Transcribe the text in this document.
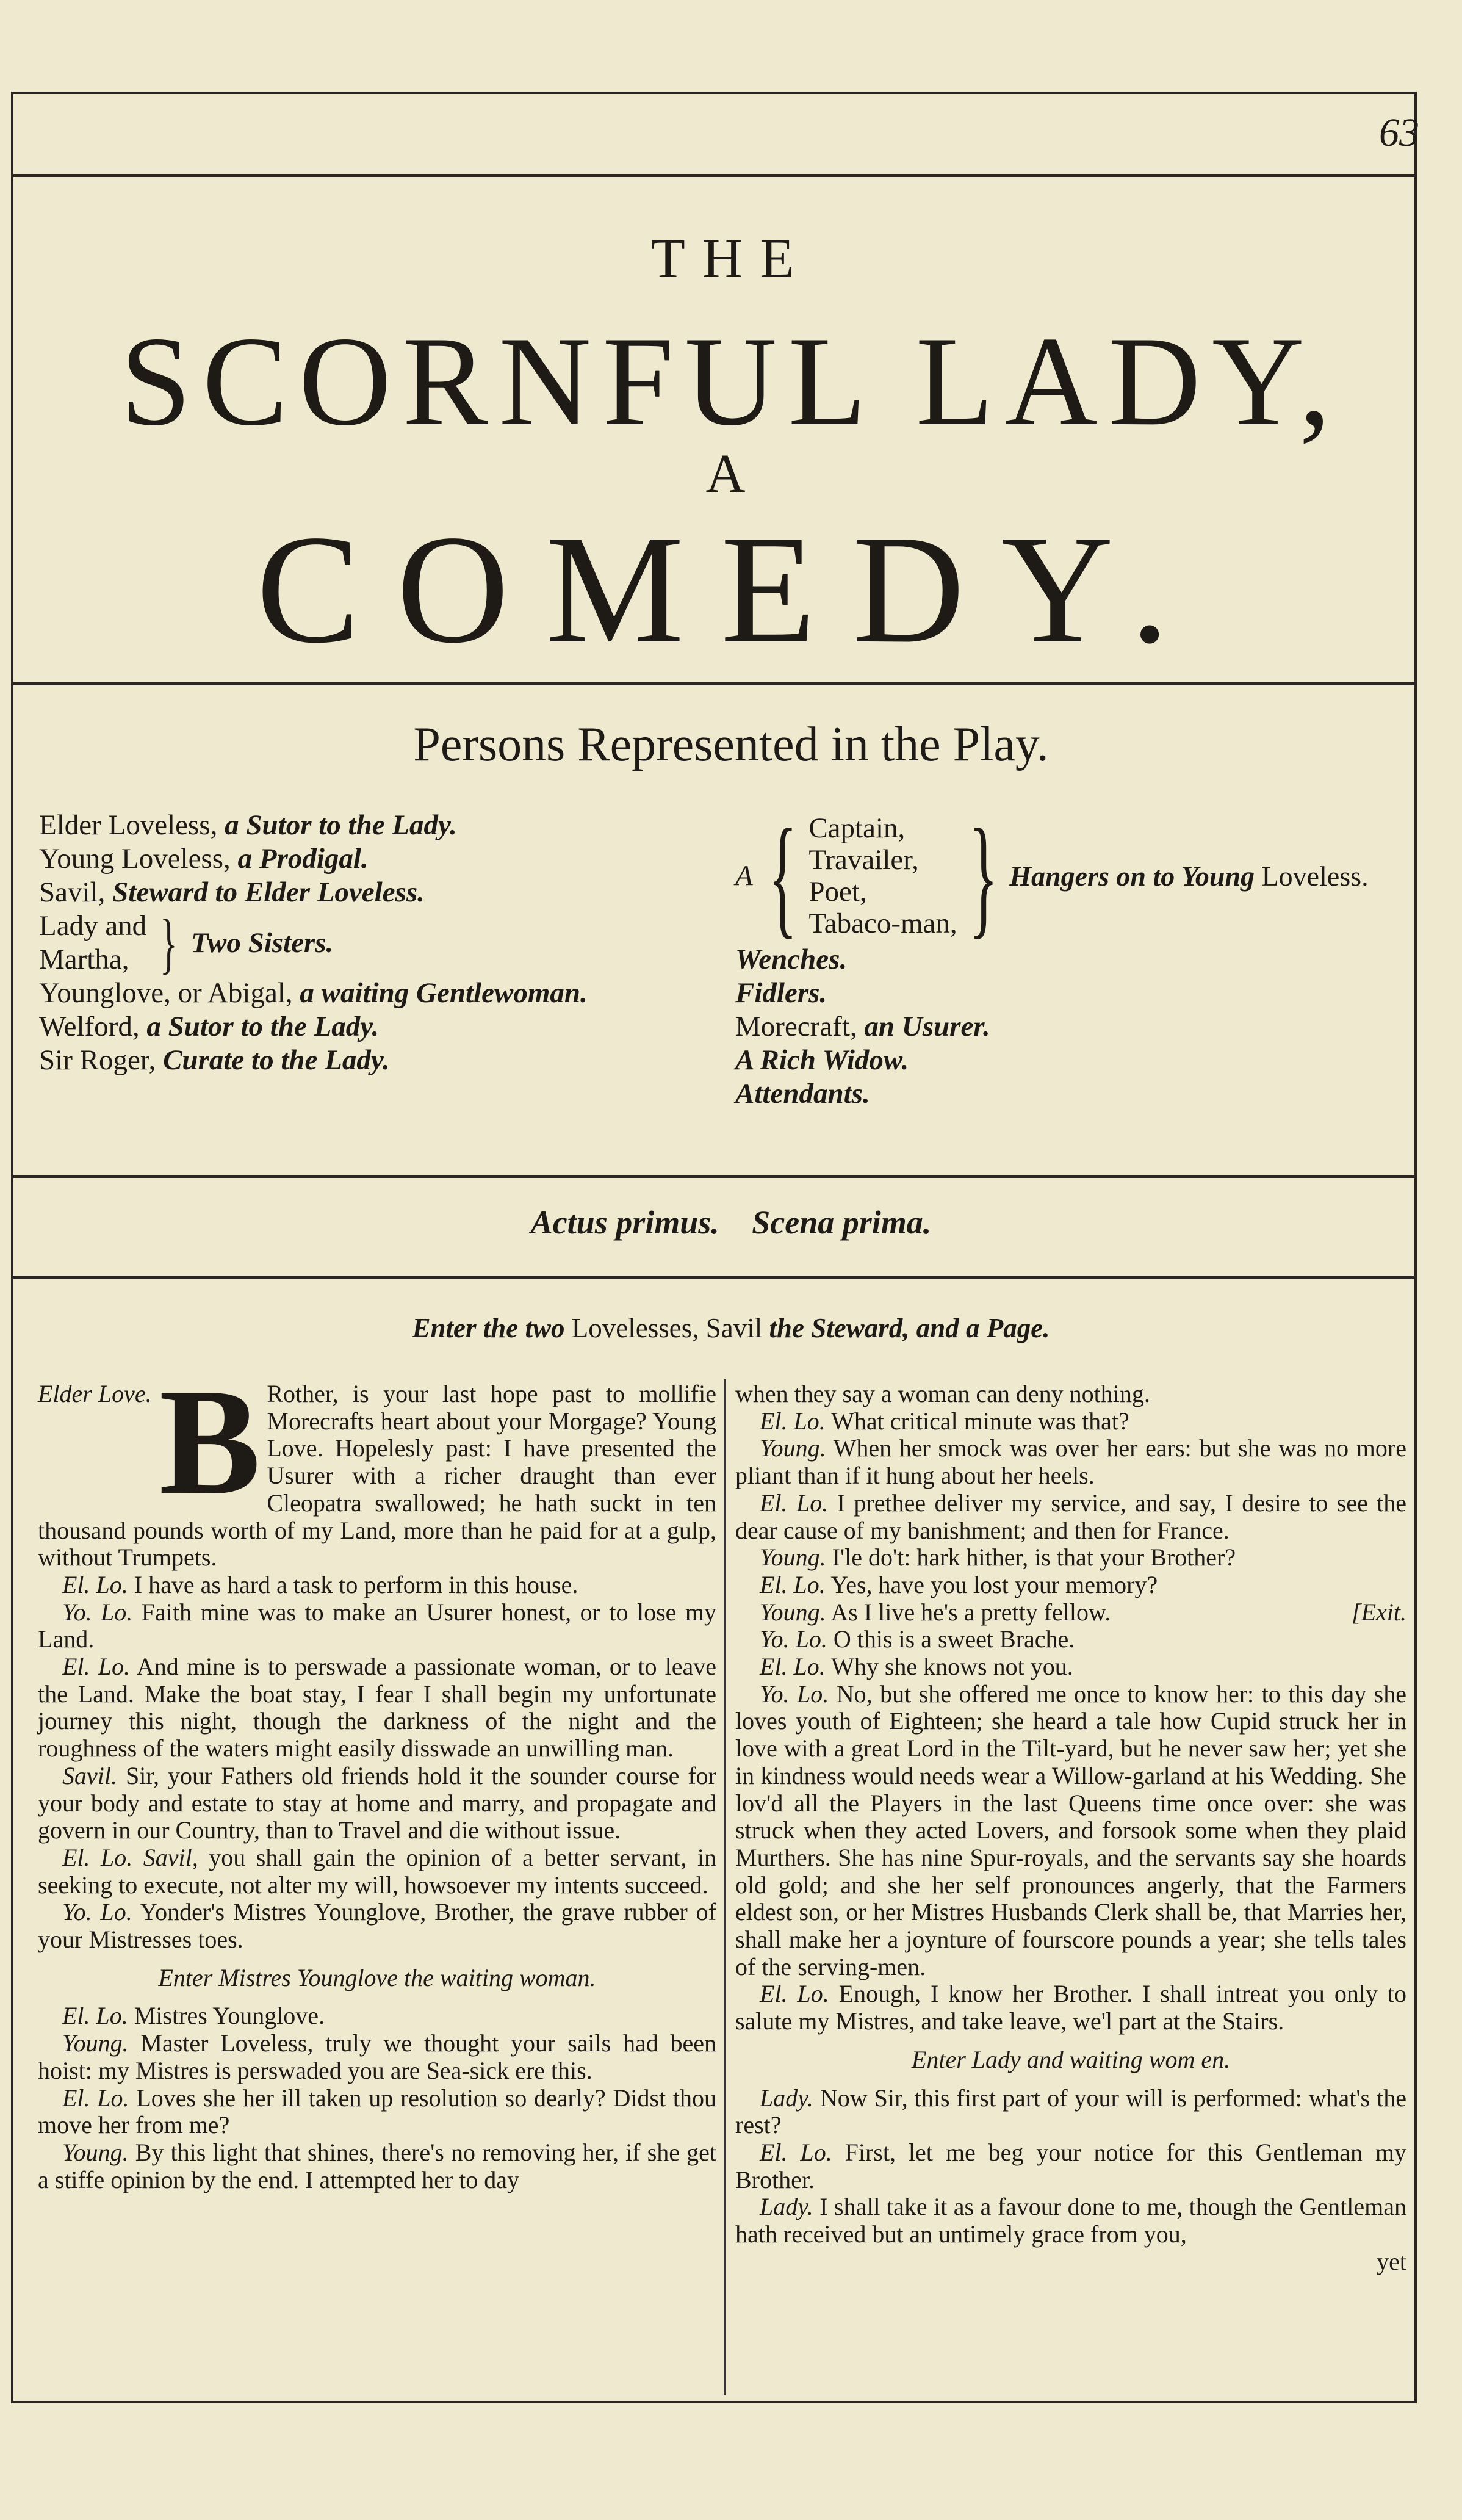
63
THE
SCORNFUL LADY,
A
COMEDY.
Persons Represented in the Play.
Elder Loveless, a Sutor to the Lady.
Young Loveless, a Prodigal.
Savil, Steward to Elder Loveless.
Lady and
Martha, } Two Sisters.
Younglove, or Abigal, a waiting Gentlewoman.
Welford, a Sutor to the Lady.
Sir Roger, Curate to the Lady.
A { Captain,
Travailer,
Poet,
Tabaco-man, } Hangers on to Young Loveless.
Wenches.
Fidlers.
Morecraft, an Usurer.
A Rich Widow.
Attendants.
Actus primus. Scena prima.
Enter the two Lovelesses, Savil the Steward, and a Page.
Elder Love. B Rother, is your last hope past to mollifie Morecrafts heart about your Morgage? Young Love. Hopelesly past: I have presented the Usurer with a richer draught than ever Cleopatra swallowed; he hath suckt in ten thousand pounds worth of my Land, more than he paid for at a gulp, without Trumpets.

El. Lo. I have as hard a task to perform in this house.

Yo. Lo. Faith mine was to make an Usurer honest, or to lose my Land.

El. Lo. And mine is to perswade a passionate woman, or to leave the Land. Make the boat stay, I fear I shall begin my unfortunate journey this night, though the darkness of the night and the roughness of the waters might easily disswade an unwilling man.

Savil. Sir, your Fathers old friends hold it the sounder course for your body and estate to stay at home and marry, and propagate and govern in our Country, than to Travel and die without issue.

El. Lo. Savil, you shall gain the opinion of a better servant, in seeking to execute, not alter my will, howsoever my intents succeed.

Yo. Lo. Yonder's Mistres Younglove, Brother, the grave rubber of your Mistresses toes.

Enter Mistres Younglove the waiting woman.

El. Lo. Mistres Younglove.

Young. Master Loveless, truly we thought your sails had been hoist: my Mistres is perswaded you are Sea-sick ere this.

El. Lo. Loves she her ill taken up resolution so dearly? Didst thou move her from me?

Young. By this light that shines, there's no removing her, if she get a stiffe opinion by the end. I attempted her to day

when they say a woman can deny nothing.

El. Lo. What critical minute was that?

Young. When her smock was over her ears: but she was no more pliant than if it hung about her heels.

El. Lo. I prethee deliver my service, and say, I desire to see the dear cause of my banishment; and then for France.

Young. I'le do't: hark hither, is that your Brother?

El. Lo. Yes, have you lost your memory?

[Exit.
Young. As I live he's a pretty fellow.

Yo. Lo. O this is a sweet Brache.

El. Lo. Why she knows not you.

Yo. Lo. No, but she offered me once to know her: to this day she loves youth of Eighteen; she heard a tale how Cupid struck her in love with a great Lord in the Tilt-yard, but he never saw her; yet she in kindness would needs wear a Willow-garland at his Wedding. She lov'd all the Players in the last Queens time once over: she was struck when they acted Lovers, and forsook some when they plaid Murthers. She has nine Spur-royals, and the servants say she hoards old gold; and she her self pronounces angerly, that the Farmers eldest son, or her Mistres Husbands Clerk shall be, that Marries her, shall make her a joynture of fourscore pounds a year; she tells tales of the serving-men.

El. Lo. Enough, I know her Brother. I shall intreat you only to salute my Mistres, and take leave, we'l part at the Stairs.

Enter Lady and waiting wom en.

Lady. Now Sir, this first part of your will is performed: what's the rest?

El. Lo. First, let me beg your notice for this Gentleman my Brother.

Lady. I shall take it as a favour done to me, though the Gentleman hath received but an untimely grace from you,

yet
